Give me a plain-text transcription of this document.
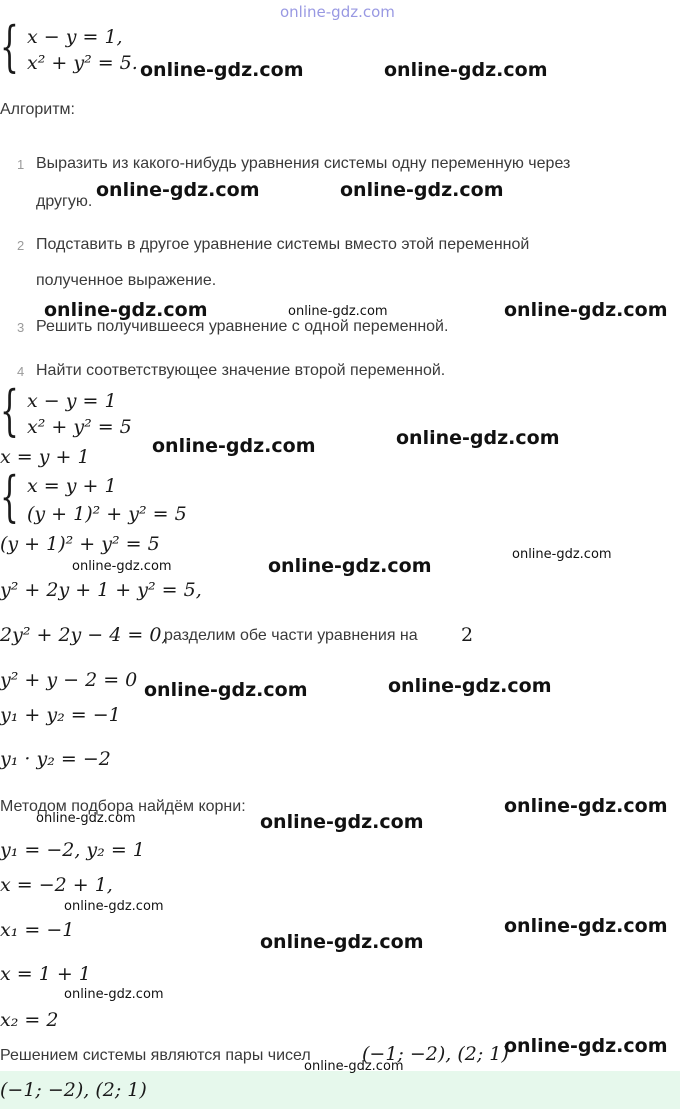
online-gdz.com
{ x − y = 1,
x² + y² = 5.
Алгоритм:
1 Выразить из какого-нибудь уравнения системы одну переменную через
другую.
2 Подставить в другое уравнение системы вместо этой переменной
полученное выражение.
3 Решить получившееся уравнение с одной переменной.
4 Найти соответствующее значение второй переменной.
{ x − y = 1
x² + y² = 5
x = y + 1
{ x = y + 1
(y + 1)² + y² = 5
(y + 1)² + y² = 5
y² + 2y + 1 + y² = 5,
2y² + 2y − 4 = 0,
разделим обе части уравнения на 2
y² + y − 2 = 0
y₁ + y₂ = −1
y₁ · y₂ = −2
Методом подбора найдём корни:
y₁ = −2, y₂ = 1
x = −2 + 1,
x₁ = −1
x = 1 + 1
x₂ = 2
Решением системы являются пары чисел	(−1; −2), (2; 1)
(−1; −2), (2; 1)
online-gdz.com	online-gdz.com
online-gdz.com	online-gdz.com
online-gdz.com	online-gdz.com	online-gdz.com
online-gdz.com	online-gdz.com
online-gdz.com
online-gdz.com	online-gdz.com
online-gdz.com	online-gdz.com
online-gdz.com
online-gdz.com	online-gdz.com
online-gdz.com
online-gdz.com
online-gdz.com
online-gdz.com
online-gdz.com
online-gdz.com
